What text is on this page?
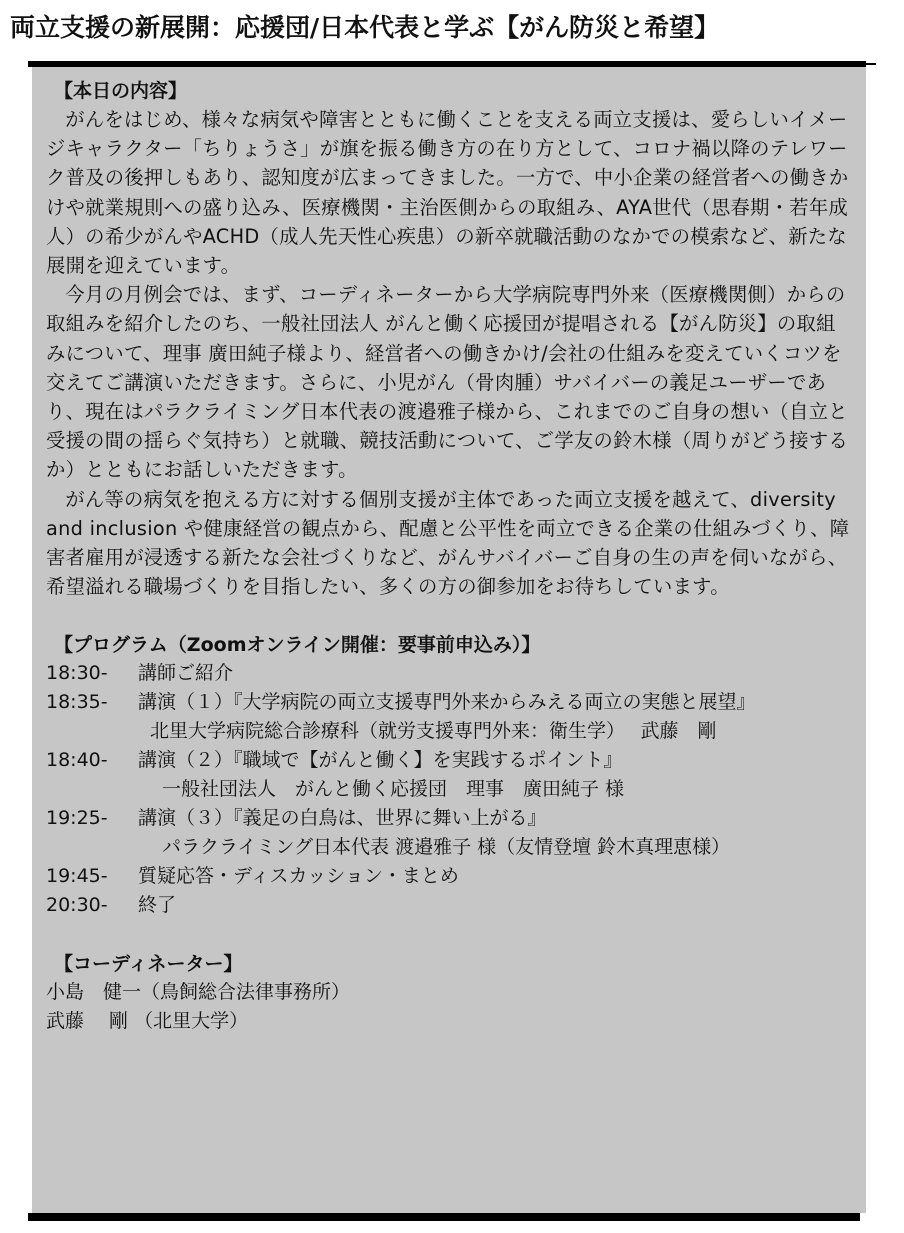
両立支援の新展開：応援団/日本代表と学ぶ【がん防災と希望】
【本日の内容】

がんをはじめ、様々な病気や障害とともに働くことを支える両立支援は、愛らしいイメージキャラクター「ちりょうさ」が旗を振る働き方の在り方として、コロナ禍以降のテレワーク普及の後押しもあり、認知度が広まってきました。一方で、中小企業の経営者への働きかけや就業規則への盛り込み、医療機関・主治医側からの取組み、AYA世代（思春期・若年成人）の希少がんやACHD（成人先天性心疾患）の新卒就職活動のなかでの模索など、新たな展開を迎えています。

今月の月例会では、まず、コーディネーターから大学病院専門外来（医療機関側）からの取組みを紹介したのち、一般社団法人 がんと働く応援団が提唱される【がん防災】の取組みについて、理事 廣田純子様より、経営者への働きかけ/会社の仕組みを変えていくコツを交えてご講演いただきます。さらに、小児がん（骨肉腫）サバイバーの義足ユーザーであり、現在はパラクライミング日本代表の渡邉雅子様から、これまでのご自身の想い（自立と受援の間の揺らぐ気持ち）と就職、競技活動について、ご学友の鈴木様（周りがどう接するか）とともにお話しいただきます。

がん等の病気を抱える方に対する個別支援が主体であった両立支援を越えて、diversity and inclusion や健康経営の観点から、配慮と公平性を両立できる企業の仕組みづくり、障害者雇用が浸透する新たな会社づくりなど、がんサバイバーご自身の生の声を伺いながら、希望溢れる職場づくりを目指したい、多くの方の御参加をお待ちしています。

【プログラム（Zoomオンライン開催：要事前申込み）】
18:30-	講師ご紹介
18:35-	講演（１）『大学病院の両立支援専門外来からみえる両立の実態と展望』
北里大学病院総合診療科（就労支援専門外来：衛生学）　 武藤　剛
18:40-	講演（２）『職域で【がんと働く】を実践するポイント』
一般社団法人　がんと働く応援団　理事　廣田純子 様
19:25-	講演（３）『義足の白鳥は、世界に舞い上がる』
パラクライミング日本代表 渡邉雅子 様（友情登壇 鈴木真理恵様）
19:45-	質疑応答・ディスカッション・まとめ
20:30-	終了
【コーディネーター】
小島　健一（鳥飼総合法律事務所）
武藤　 剛 （北里大学）
